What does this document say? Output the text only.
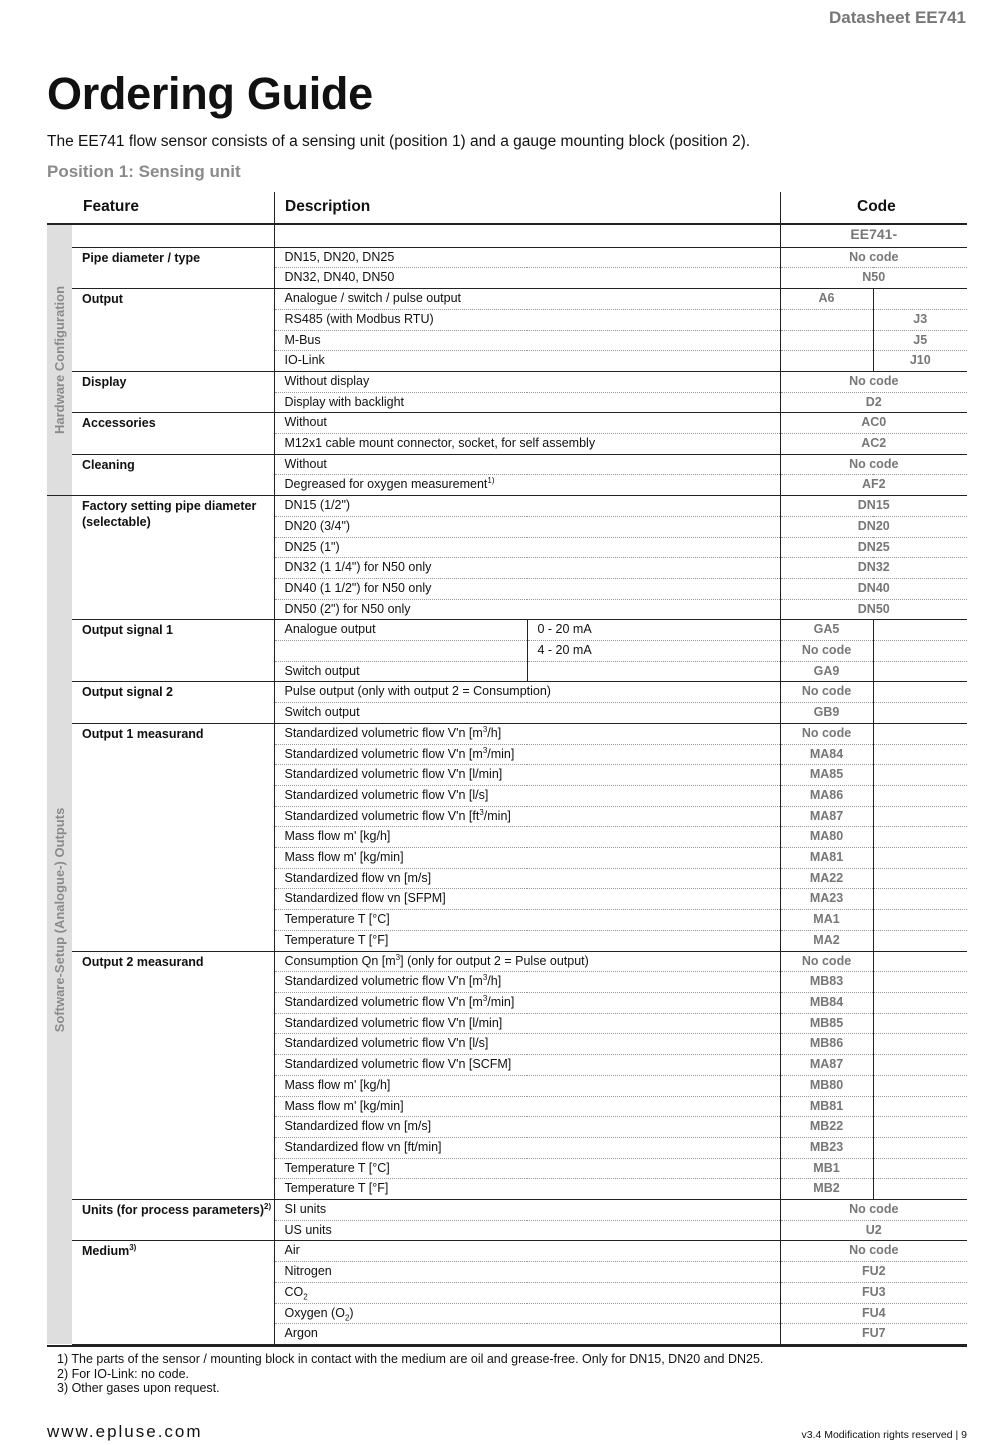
Datasheet EE741
Ordering Guide
The EE741 flow sensor consists of a sensing unit (position 1) and a gauge mounting block (position 2).
Position 1: Sensing unit
Feature	Description	Code
Hardware Configuration				EE741-	
	Pipe diameter / type	DN15, DN20, DN25		No code	
		DN32, DN40, DN50		N50	
	Output	Analogue / switch / pulse output		A6	
		RS485 (with Modbus RTU)			J3
		M-Bus			J5
		IO-Link			J10
	Display	Without display		No code	
		Display with backlight		D2	
	Accessories	Without		AC0	
		M12x1 cable mount connector, socket, for self assembly		AC2	
	Cleaning	Without		No code	
		Degreased for oxygen measurement$^{1)}$		AF2	

Software-Setup (Analogue-) Outputs	Factory setting pipe diameter (selectable)	DN15 (1/2")		DN15	
		DN20 (3/4")		DN20	
		DN25 (1")		DN25	
		DN32 (1 1/4") for N50 only		DN32	
		DN40 (1 1/2") for N50 only		DN40	
		DN50 (2") for N50 only		DN50	
	Output signal 1	Analogue output	0 - 20 mA	GA5	
			4 - 20 mA	No code	
		Switch output		GA9	
	Output signal 2	Pulse output (only with output 2 = Consumption)		No code	
		Switch output		GB9	
	Output 1 measurand	Standardized volumetric flow V'n $[m^3/h]$		No code	
		Standardized volumetric flow V'n $[m^3/\min]$		MA84	
		Standardized volumetric flow V'n [l/min]		MA85	
		Standardized volumetric flow V'n [l/s]		MA86	
		Standardized volumetric flow V'n $[ft^3/\min]$		MA87	
		Mass flow m' [kg/h]		MA80	
		Mass flow m' [kg/min]		MA81	
		Standardized flow vn [m/s]		MA22	
		Standardized flow vn [SFPM]		MA23	
		Temperature T [°C]		MA1	
		Temperature T [°F]		MA2	
	Output 2 measurand	Consumption Qn $[m^3]$ (only for output 2 = Pulse output)		No code	
		Standardized volumetric flow V'n $[m^3/h]$		MB83	
		Standardized volumetric flow V'n $[m^3/\min]$		MB84	
		Standardized volumetric flow V'n [l/min]		MB85	
		Standardized volumetric flow V'n [l/s]		MB86	
		Standardized volumetric flow V'n [SCFM]		MA87	
		Mass flow m' [kg/h]		MB80	
		Mass flow m' [kg/min]		MB81	
		Standardized flow vn [m/s]		MB22	
		Standardized flow vn [ft/min]		MB23	
		Temperature T [°C]		MB1	
		Temperature T [°F]		MB2	
	Units (for process parameters)$^{2)}$	SI units		No code	
		US units		U2	
	Medium$^{3)}$	Air		No code	
		Nitrogen		FU2	
		$CO_2$		FU3	
		Oxygen $(O_2)$		FU4	
		Argon		FU7	
1) The parts of the sensor / mounting block in contact with the medium are oil and grease-free. Only for DN15, DN20 and DN25.
2) For IO-Link: no code.
3) Other gases upon request.
www.epluse.com	v3.4 Modification rights reserved | 9
